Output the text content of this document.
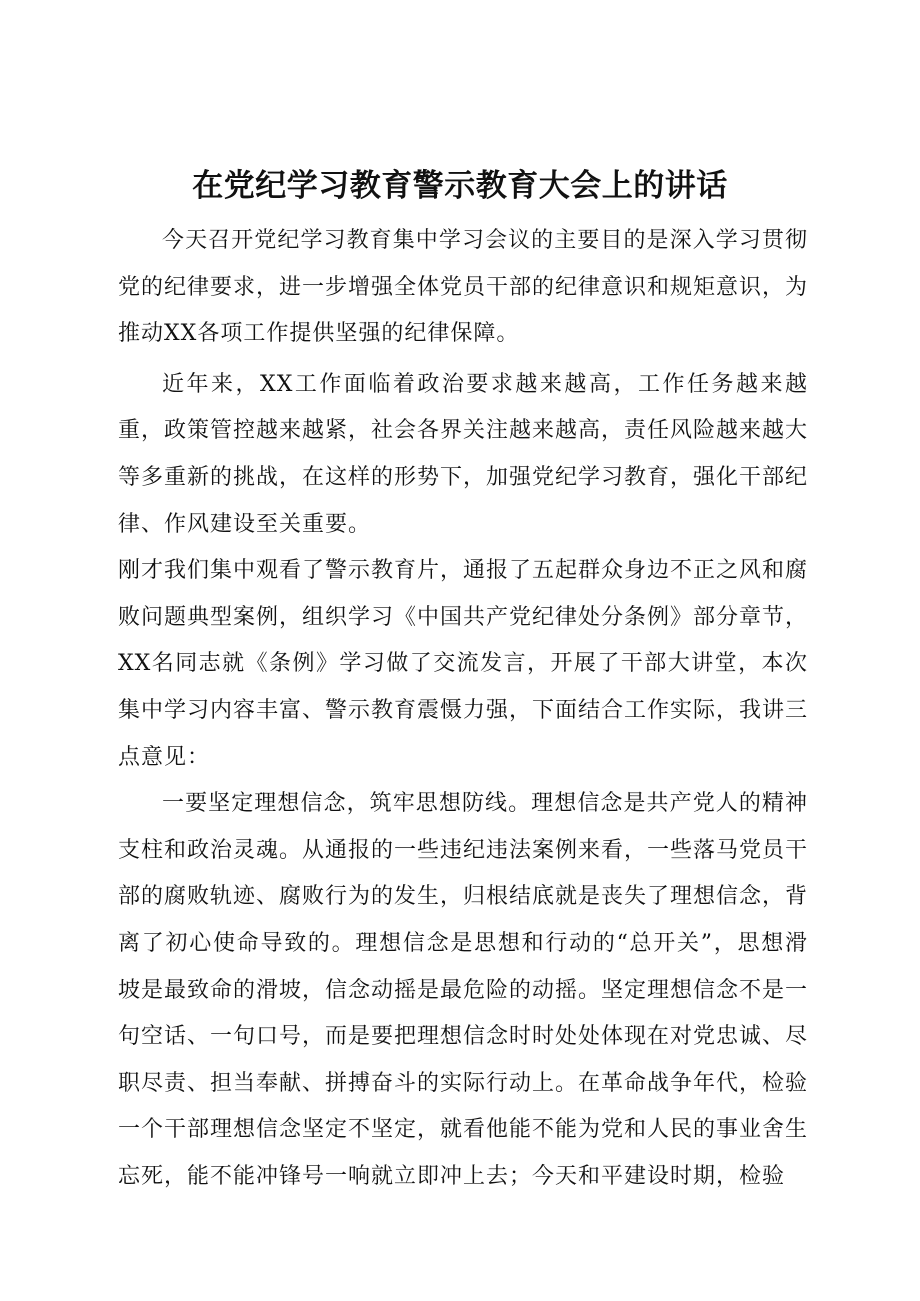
在党纪学习教育警示教育大会上的讲话

今天召开党纪学习教育集中学习会议的主要目的是深入学习贯彻党的纪律要求，进一步增强全体党员干部的纪律意识和规矩意识，为推动XX各项工作提供坚强的纪律保障。

近年来，XX工作面临着政治要求越来越高，工作任务越来越重，政策管控越来越紧，社会各界关注越来越高，责任风险越来越大等多重新的挑战，在这样的形势下，加强党纪学习教育，强化干部纪律、作风建设至关重要。

刚才我们集中观看了警示教育片，通报了五起群众身边不正之风和腐败问题典型案例，组织学习《中国共产党纪律处分条例》部分章节，XX名同志就《条例》学习做了交流发言，开展了干部大讲堂，本次集中学习内容丰富、警示教育震慑力强，下面结合工作实际，我讲三点意见：

一要坚定理想信念，筑牢思想防线。理想信念是共产党人的精神支柱和政治灵魂。从通报的一些违纪违法案例来看，一些落马党员干部的腐败轨迹、腐败行为的发生，归根结底就是丧失了理想信念，背离了初心使命导致的。理想信念是思想和行动的“总开关”，思想滑坡是最致命的滑坡，信念动摇是最危险的动摇。坚定理想信念不是一句空话、一句口号，而是要把理想信念时时处处体现在对党忠诚、尽职尽责、担当奉献、拼搏奋斗的实际行动上。在革命战争年代，检验一个干部理想信念坚定不坚定，就看他能不能为党和人民的事业舍生忘死，能不能冲锋号一响就立即冲上去；今天和平建设时期，检验
